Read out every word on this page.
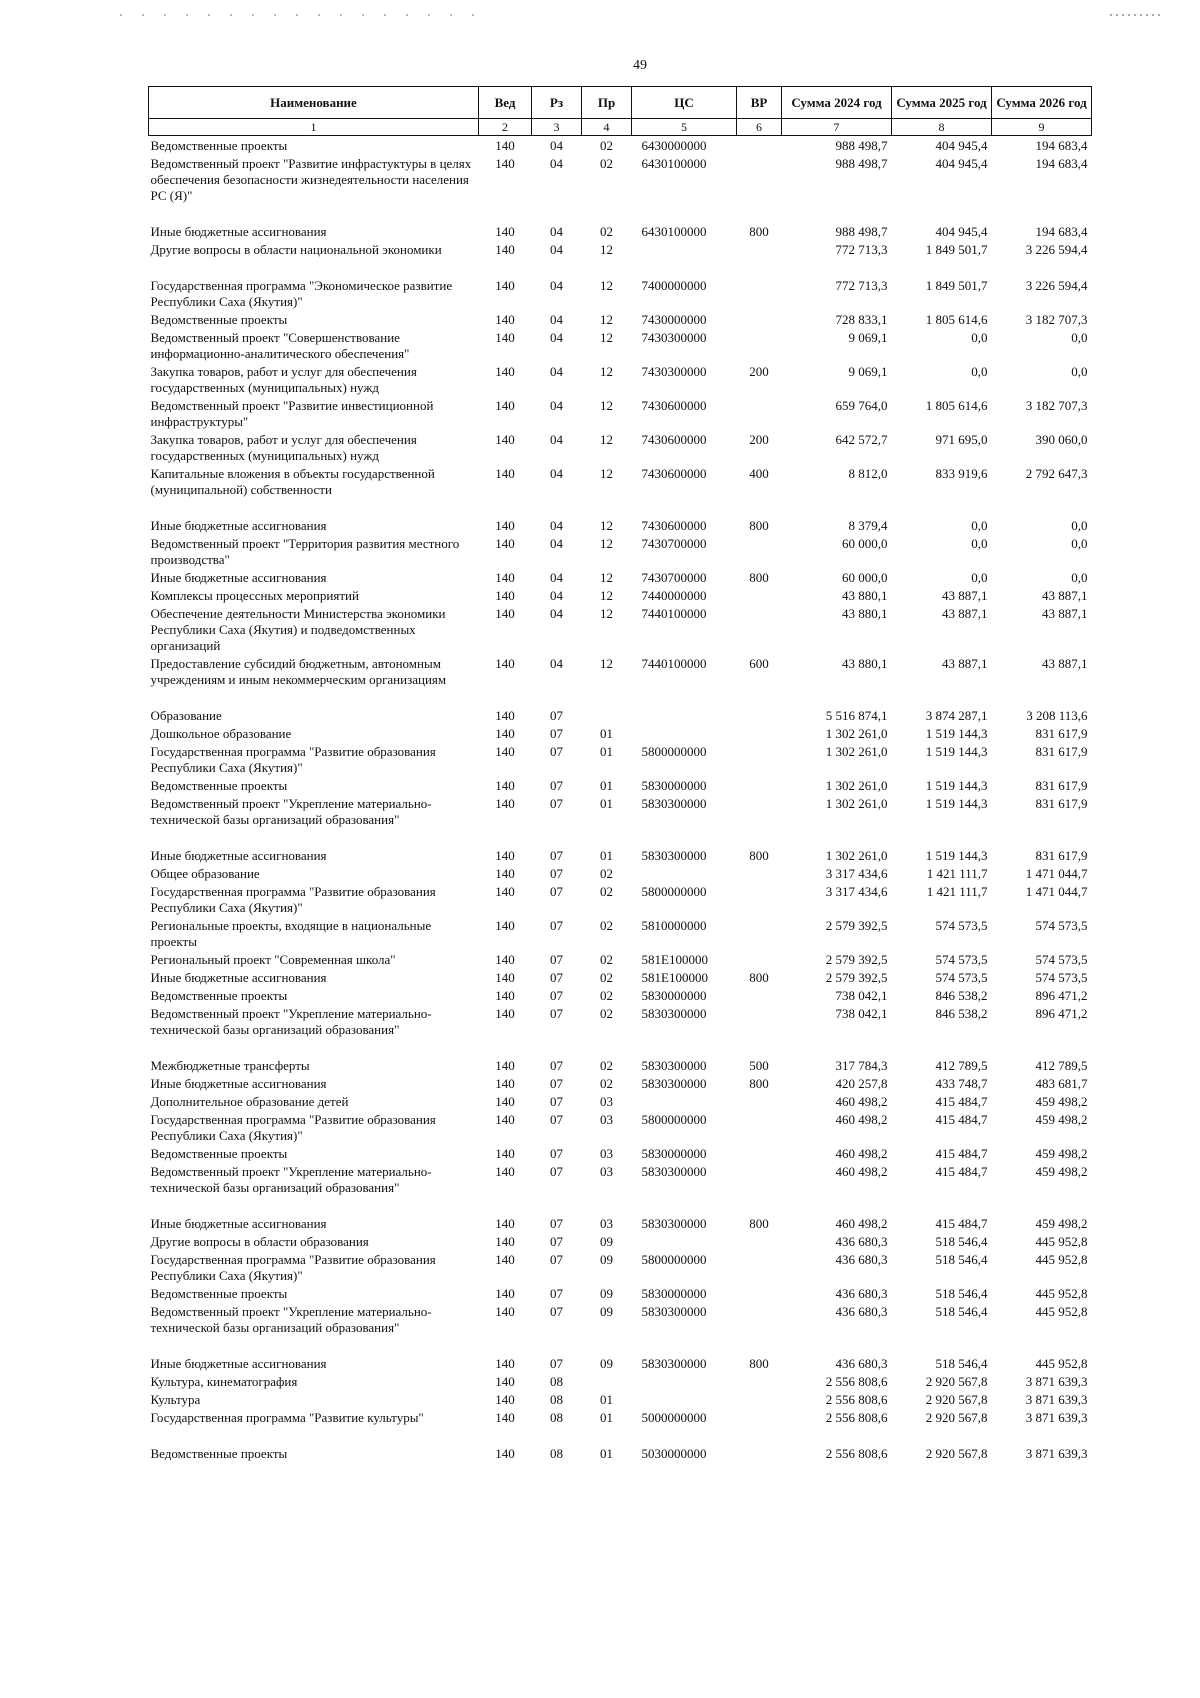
49
Наименование	Вед	Рз	Пр	ЦС	ВР	Сумма 2024 год	Сумма 2025 год	Сумма 2026 год
1	2	3	4	5	6	7	8	9
Ведомственные проекты	140	04	02	6430000000		988 498,7	404 945,4	194 683,4
Ведомственный проект "Развитие инфрастуктуры в целях обеспечения безопасности жизнедеятельности населения РС (Я)"	140	04	02	6430100000		988 498,7	404 945,4	194 683,4
Иные бюджетные ассигнования	140	04	02	6430100000	800	988 498,7	404 945,4	194 683,4
Другие вопросы в области национальной экономики	140	04	12			772 713,3	1 849 501,7	3 226 594,4
Государственная программа "Экономическое развитие Республики Саха (Якутия)"	140	04	12	7400000000		772 713,3	1 849 501,7	3 226 594,4
Ведомственные проекты	140	04	12	7430000000		728 833,1	1 805 614,6	3 182 707,3
Ведомственный проект "Совершенствование информационно-аналитического обеспечения"	140	04	12	7430300000		9 069,1	0,0	0,0
Закупка товаров, работ и услуг для обеспечения государственных (муниципальных) нужд	140	04	12	7430300000	200	9 069,1	0,0	0,0
Ведомственный проект "Развитие инвестиционной инфраструктуры"	140	04	12	7430600000		659 764,0	1 805 614,6	3 182 707,3
Закупка товаров, работ и услуг для обеспечения государственных (муниципальных) нужд	140	04	12	7430600000	200	642 572,7	971 695,0	390 060,0
Капитальные вложения в объекты государственной (муниципальной) собственности	140	04	12	7430600000	400	8 812,0	833 919,6	2 792 647,3
Иные бюджетные ассигнования	140	04	12	7430600000	800	8 379,4	0,0	0,0
Ведомственный проект "Территория развития местного производства"	140	04	12	7430700000		60 000,0	0,0	0,0
Иные бюджетные ассигнования	140	04	12	7430700000	800	60 000,0	0,0	0,0
Комплексы процессных мероприятий	140	04	12	7440000000		43 880,1	43 887,1	43 887,1
Обеспечение деятельности Министерства экономики Республики Саха (Якутия) и подведомственных организаций	140	04	12	7440100000		43 880,1	43 887,1	43 887,1
Предоставление субсидий бюджетным, автономным учреждениям и иным некоммерческим организациям	140	04	12	7440100000	600	43 880,1	43 887,1	43 887,1
Образование	140	07				5 516 874,1	3 874 287,1	3 208 113,6
Дошкольное образование	140	07	01			1 302 261,0	1 519 144,3	831 617,9
Государственная программа "Развитие образования Республики Саха (Якутия)"	140	07	01	5800000000		1 302 261,0	1 519 144,3	831 617,9
Ведомственные проекты	140	07	01	5830000000		1 302 261,0	1 519 144,3	831 617,9
Ведомственный проект "Укрепление материально-технической базы организаций образования"	140	07	01	5830300000		1 302 261,0	1 519 144,3	831 617,9
Иные бюджетные ассигнования	140	07	01	5830300000	800	1 302 261,0	1 519 144,3	831 617,9
Общее образование	140	07	02			3 317 434,6	1 421 111,7	1 471 044,7
Государственная программа "Развитие образования Республики Саха (Якутия)"	140	07	02	5800000000		3 317 434,6	1 421 111,7	1 471 044,7
Региональные проекты, входящие в национальные проекты	140	07	02	5810000000		2 579 392,5	574 573,5	574 573,5
Региональный проект "Современная школа"	140	07	02	581E100000		2 579 392,5	574 573,5	574 573,5
Иные бюджетные ассигнования	140	07	02	581E100000	800	2 579 392,5	574 573,5	574 573,5
Ведомственные проекты	140	07	02	5830000000		738 042,1	846 538,2	896 471,2
Ведомственный проект "Укрепление материально-технической базы организаций образования"	140	07	02	5830300000		738 042,1	846 538,2	896 471,2
Межбюджетные трансферты	140	07	02	5830300000	500	317 784,3	412 789,5	412 789,5
Иные бюджетные ассигнования	140	07	02	5830300000	800	420 257,8	433 748,7	483 681,7
Дополнительное образование детей	140	07	03			460 498,2	415 484,7	459 498,2
Государственная программа "Развитие образования Республики Саха (Якутия)"	140	07	03	5800000000		460 498,2	415 484,7	459 498,2
Ведомственные проекты	140	07	03	5830000000		460 498,2	415 484,7	459 498,2
Ведомственный проект "Укрепление материально-технической базы организаций образования"	140	07	03	5830300000		460 498,2	415 484,7	459 498,2
Иные бюджетные ассигнования	140	07	03	5830300000	800	460 498,2	415 484,7	459 498,2
Другие вопросы в области образования	140	07	09			436 680,3	518 546,4	445 952,8
Государственная программа "Развитие образования Республики Саха (Якутия)"	140	07	09	5800000000		436 680,3	518 546,4	445 952,8
Ведомственные проекты	140	07	09	5830000000		436 680,3	518 546,4	445 952,8
Ведомственный проект "Укрепление материально-технической базы организаций образования"	140	07	09	5830300000		436 680,3	518 546,4	445 952,8
Иные бюджетные ассигнования	140	07	09	5830300000	800	436 680,3	518 546,4	445 952,8
Культура, кинематография	140	08				2 556 808,6	2 920 567,8	3 871 639,3
Культура	140	08	01			2 556 808,6	2 920 567,8	3 871 639,3
Государственная программа "Развитие культуры"	140	08	01	5000000000		2 556 808,6	2 920 567,8	3 871 639,3
Ведомственные проекты	140	08	01	5030000000		2 556 808,6	2 920 567,8	3 871 639,3
